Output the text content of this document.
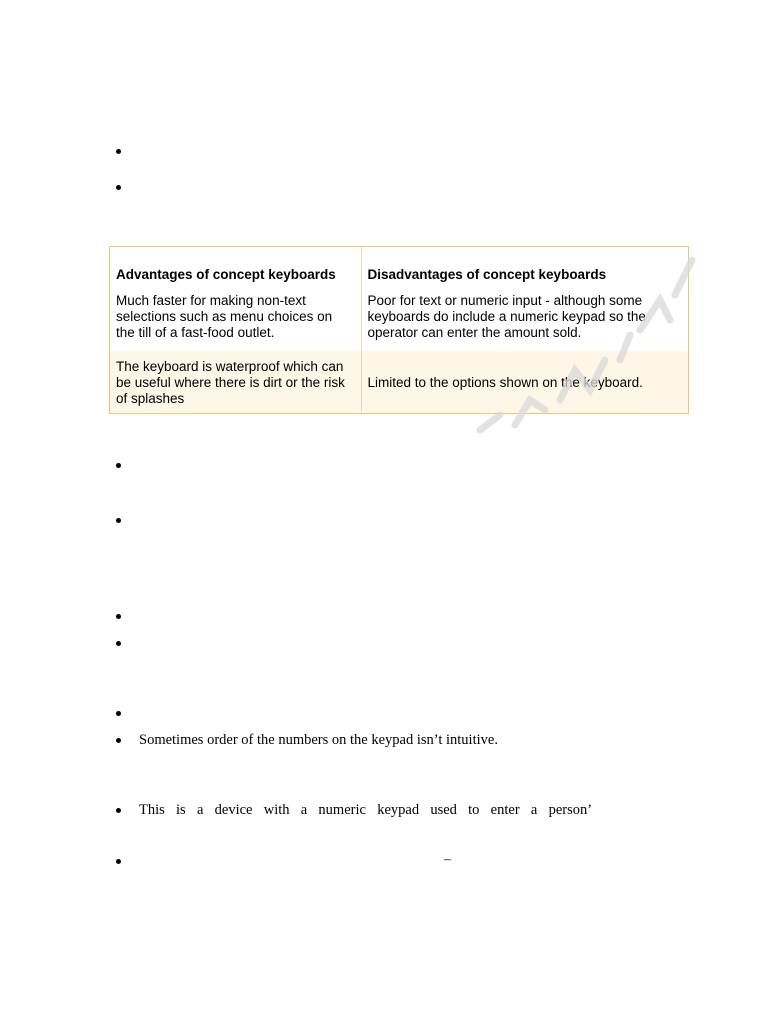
Advantages of concept keyboards	Disadvantages of concept keyboards
Much faster for making non-text selections such as menu choices on the till of a fast-food outlet.	Poor for text or numeric input - although some keyboards do include a numeric keypad so the operator can enter the amount sold.
The keyboard is waterproof which can be useful where there is dirt or the risk of splashes	Limited to the options shown on the keyboard.
Sometimes order of the numbers on the keypad isn’t intuitive.
This  is  a  device  with  a  numeric  keypad  used  to  enter  a  person’
–
